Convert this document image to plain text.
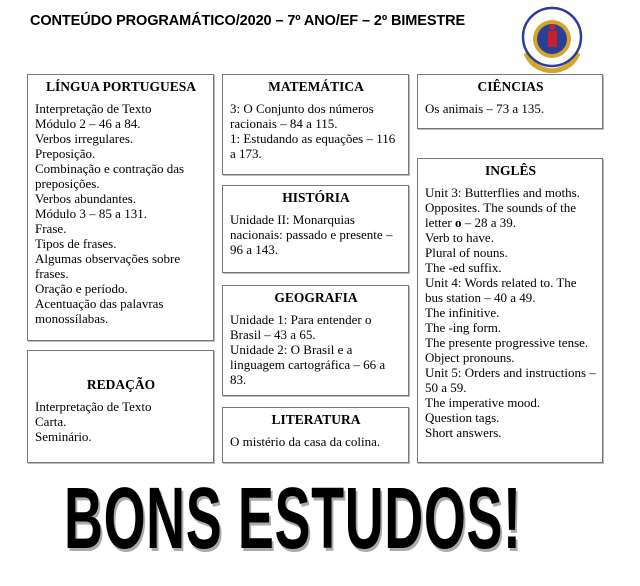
CONTEÚDO PROGRAMÁTICO/2020 – 7º ANO/EF – 2º BIMESTRE
LÍNGUA PORTUGUESA
Interpretação de Texto
Módulo 2 – 46 a 84.
Verbos irregulares.
Preposição.
Combinação e contração das
preposições.
Verbos abundantes.
Módulo 3 – 85 a 131.
Frase.
Tipos de frases.
Algumas observações sobre
frases.
Oração e período.
Acentuação das palavras
monossílabas.
REDAÇÃO
Interpretação de Texto
Carta.
Seminário.
MATEMÁTICA
3: O Conjunto dos números
racionais – 84 a 115.
1: Estudando as equações – 116
a 173.
HISTÓRIA
Unidade II: Monarquias
nacionais: passado e presente –
96 a 143.
GEOGRAFIA
Unidade 1: Para entender o
Brasil – 43 a 65.
Unidade 2: O Brasil e a
linguagem cartográfica – 66 a
83.
LITERATURA
O mistério da casa da colina.
CIÊNCIAS
Os animais – 73 a 135.
INGLÊS
Unit 3: Butterflies and moths.
Opposites. The sounds of the
letter o – 28 a 39.
Verb to have.
Plural of nouns.
The -ed suffix.
Unit 4: Words related to. The
bus station – 40 a 49.
The infinitive.
The -ing form.
The presente progressive tense.
Object pronouns.
Unit 5: Orders and instructions –
50 a 59.
The imperative mood.
Question tags.
Short answers.
BONS ESTUDOS!
